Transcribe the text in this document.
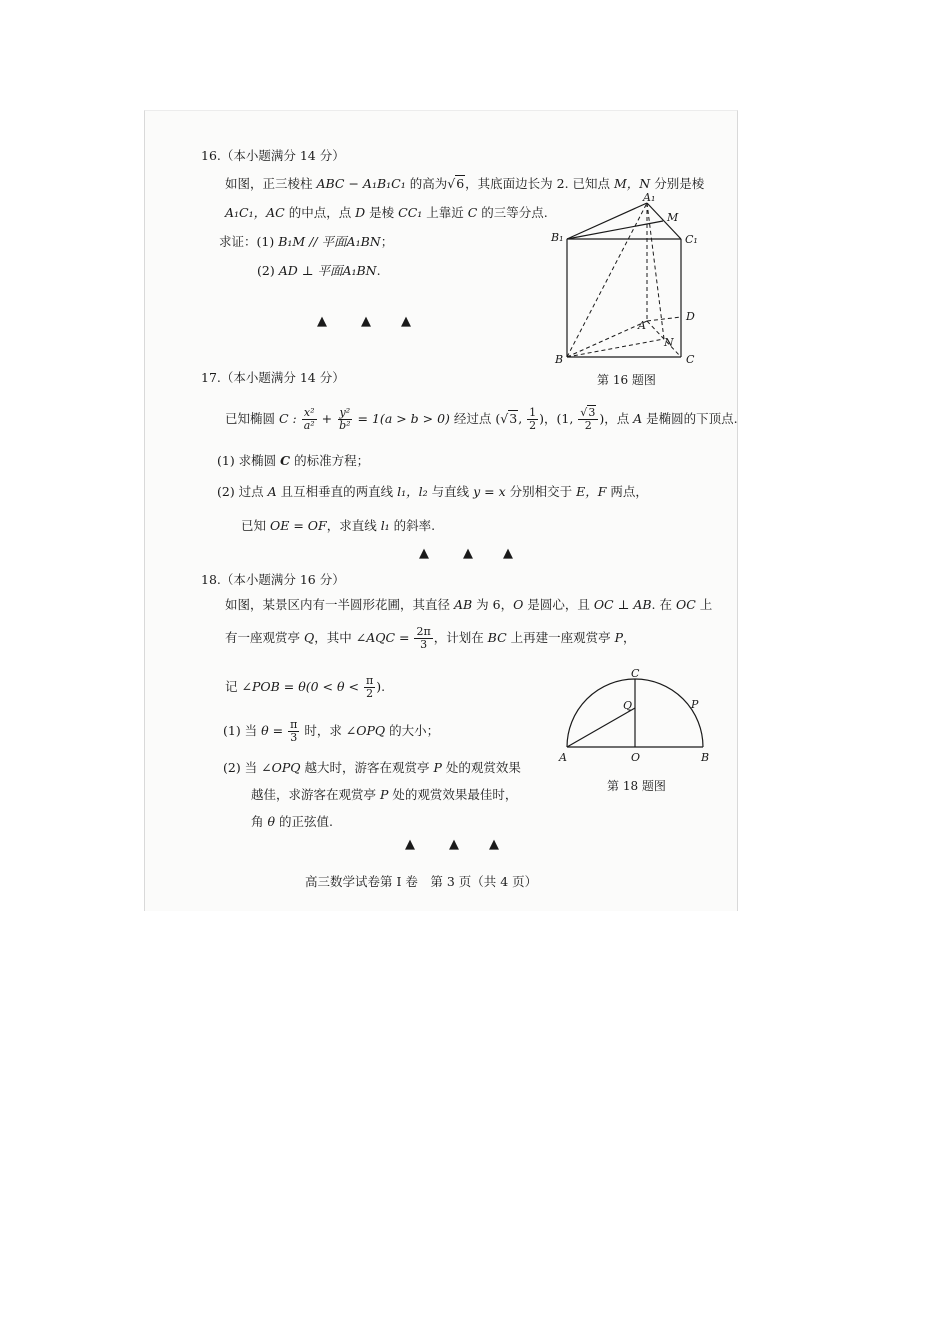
16.（本小题满分 14 分）
如图，正三棱柱 ABC − A₁B₁C₁ 的高为√6，其底面边长为 2. 已知点 M，N 分别是棱
A₁C₁，AC 的中点，点 D 是棱 CC₁ 上靠近 C 的三等分点.
求证：(1) B₁M // 平面A₁BN；
(2) AD ⊥ 平面A₁BN.
▲	▲ ▲
A₁
M
B₁	C₁
D
A
N
B	C
第 16 题图
17.（本小题满分 14 分）
已知椭圆 C : $\frac{\text{x²}}{\text{a²}} + \frac{\text{y²}}{\text{b²}} = 1(a > b > 0)$ 经过点 (√3, $\frac{1}{2}$ )，(1, $\frac{√3}{2}$ )，点 A 是椭圆的下顶点.
(1) 求椭圆 C 的标准方程；
(2) 过点 A 且互相垂直的两直线 l₁，l₂ 与直线 y = x 分别相交于 E，F 两点，
已知 OE = OF，求直线 l₁ 的斜率.
▲	▲ ▲
18.（本小题满分 16 分）
如图，某景区内有一半圆形花圃，其直径 AB 为 6，O 是圆心，且 OC ⊥ AB. 在 OC 上
有一座观赏亭 Q，其中 ∠AQC = $\frac{2\pi}{3}$ ，计划在 BC 上再建一座观赏亭 P，
记 ∠POB = $\theta(0 < \theta < \frac{\pi}{2}$ ).
(1) 当 $\theta = \frac{\pi}{3}$ 时，求 ∠OPQ 的大小；
(2) 当 ∠OPQ 越大时，游客在观赏亭 P 处的观赏效果
越佳，求游客在观赏亭 P 处的观赏效果最佳时，
角 θ 的正弦值.
C
Q	P
A	O	B
第 18 题图
▲	▲ ▲
高三数学试卷第 I 卷　第 3 页（共 4 页）
